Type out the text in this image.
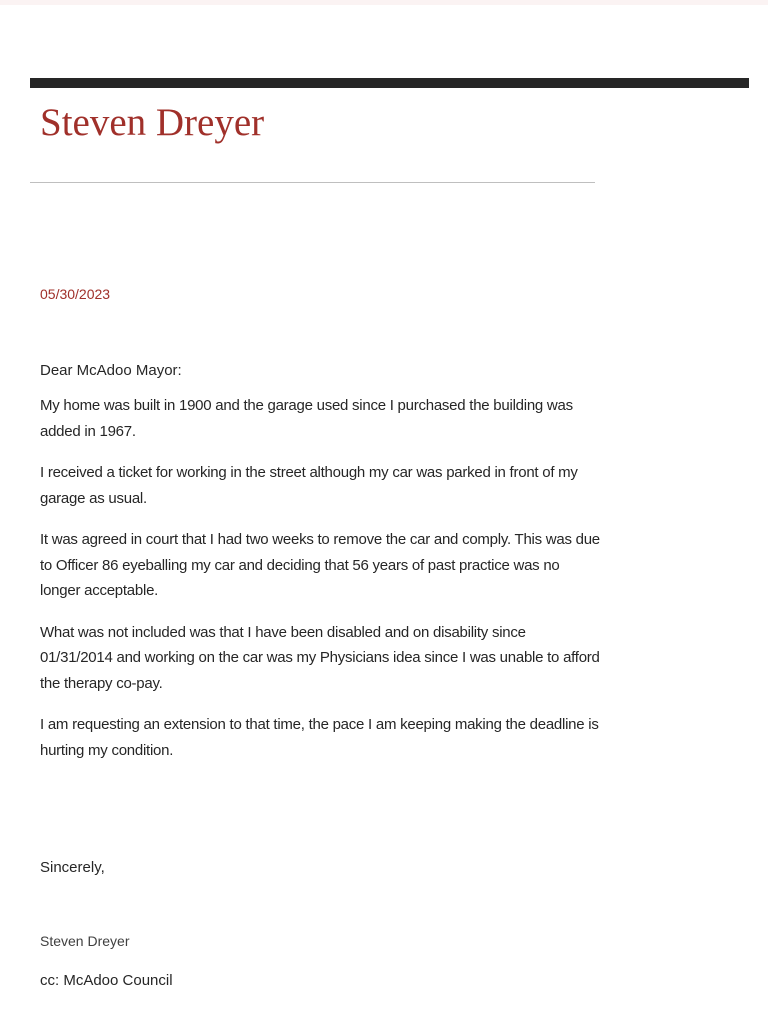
Steven Dreyer
05/30/2023
Dear McAdoo Mayor:

My home was built in 1900 and the garage used since I purchased the building was added in 1967.

I received a ticket for working in the street although my car was parked in front of my garage as usual.

It was agreed in court that I had two weeks to remove the car and comply. This was due to Officer 86 eyeballing my car and deciding that 56 years of past practice was no longer acceptable.

What was not included was that I have been disabled and on disability since 01/31/2014 and working on the car was my Physicians idea since I was unable to afford the therapy co-pay.

I am requesting an extension to that time, the pace I am keeping making the deadline is hurting my condition.

Sincerely,
Steven Dreyer
cc: McAdoo Council
